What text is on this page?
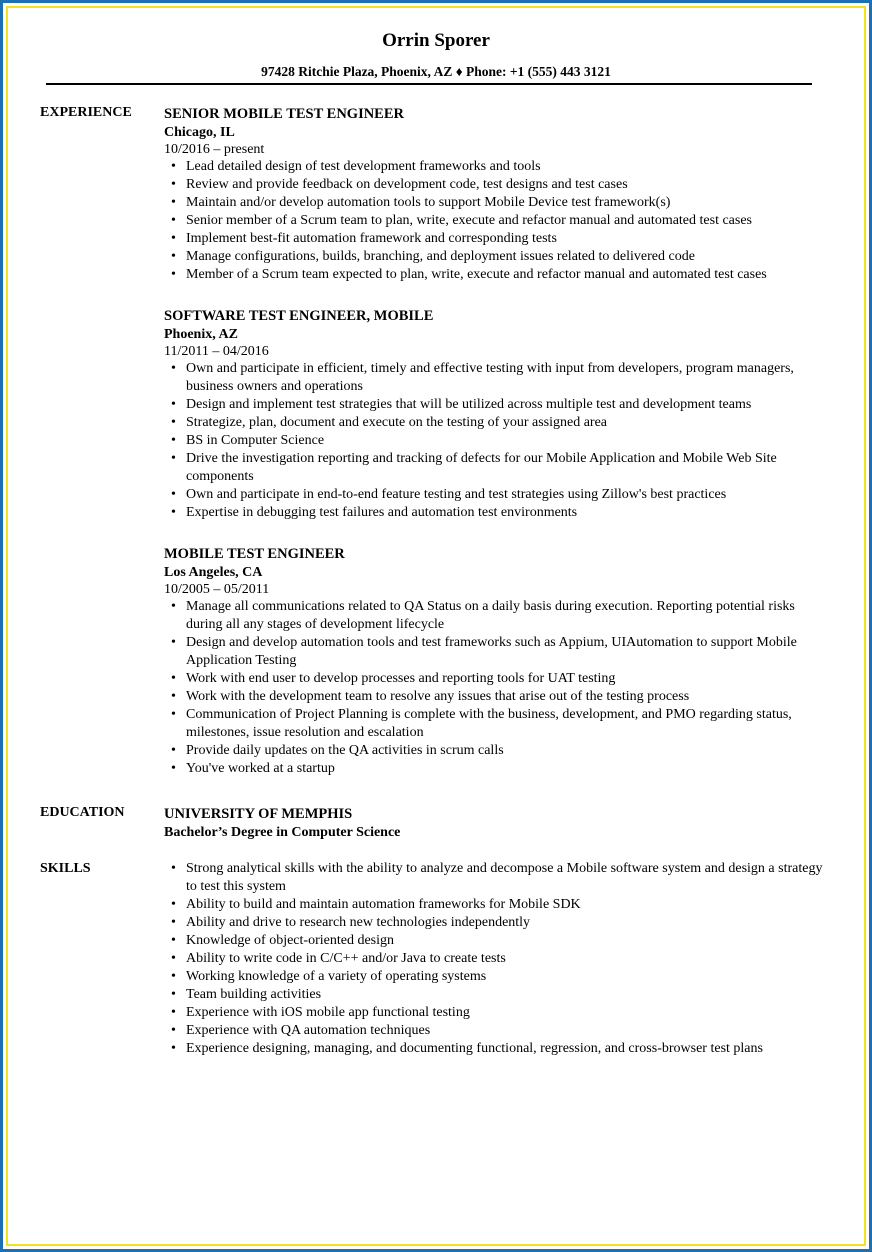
Orrin Sporer
97428 Ritchie Plaza, Phoenix, AZ ♦ Phone: +1 (555) 443 3121
EXPERIENCE SENIOR MOBILE TEST ENGINEER
Chicago, IL
10/2016 – present
• Lead detailed design of test development frameworks and tools
• Review and provide feedback on development code, test designs and test cases
• Maintain and/or develop automation tools to support Mobile Device test framework(s)
• Senior member of a Scrum team to plan, write, execute and refactor manual and automated test cases
• Implement best-fit automation framework and corresponding tests
• Manage configurations, builds, branching, and deployment issues related to delivered code
• Member of a Scrum team expected to plan, write, execute and refactor manual and automated test cases
SOFTWARE TEST ENGINEER, MOBILE
Phoenix, AZ
11/2011 – 04/2016
• Own and participate in efficient, timely and effective testing with input from developers, program managers, business owners and operations
• Design and implement test strategies that will be utilized across multiple test and development teams
• Strategize, plan, document and execute on the testing of your assigned area
• BS in Computer Science
• Drive the investigation reporting and tracking of defects for our Mobile Application and Mobile Web Site components
• Own and participate in end-to-end feature testing and test strategies using Zillow's best practices
• Expertise in debugging test failures and automation test environments
MOBILE TEST ENGINEER
Los Angeles, CA
10/2005 – 05/2011
• Manage all communications related to QA Status on a daily basis during execution. Reporting potential risks during all any stages of development lifecycle
• Design and develop automation tools and test frameworks such as Appium, UIAutomation to support Mobile Application Testing
• Work with end user to develop processes and reporting tools for UAT testing
• Work with the development team to resolve any issues that arise out of the testing process
• Communication of Project Planning is complete with the business, development, and PMO regarding status, milestones, issue resolution and escalation
• Provide daily updates on the QA activities in scrum calls
• You've worked at a startup
EDUCATION	UNIVERSITY OF MEMPHIS
Bachelor’s Degree in Computer Science
SKILLS	• Strong analytical skills with the ability to analyze and decompose a Mobile software system and design a strategy to test this system
• Ability to build and maintain automation frameworks for Mobile SDK
• Ability and drive to research new technologies independently
• Knowledge of object-oriented design
• Ability to write code in C/C++ and/or Java to create tests
• Working knowledge of a variety of operating systems
• Team building activities
• Experience with iOS mobile app functional testing
• Experience with QA automation techniques
• Experience designing, managing, and documenting functional, regression, and cross-browser test plans
